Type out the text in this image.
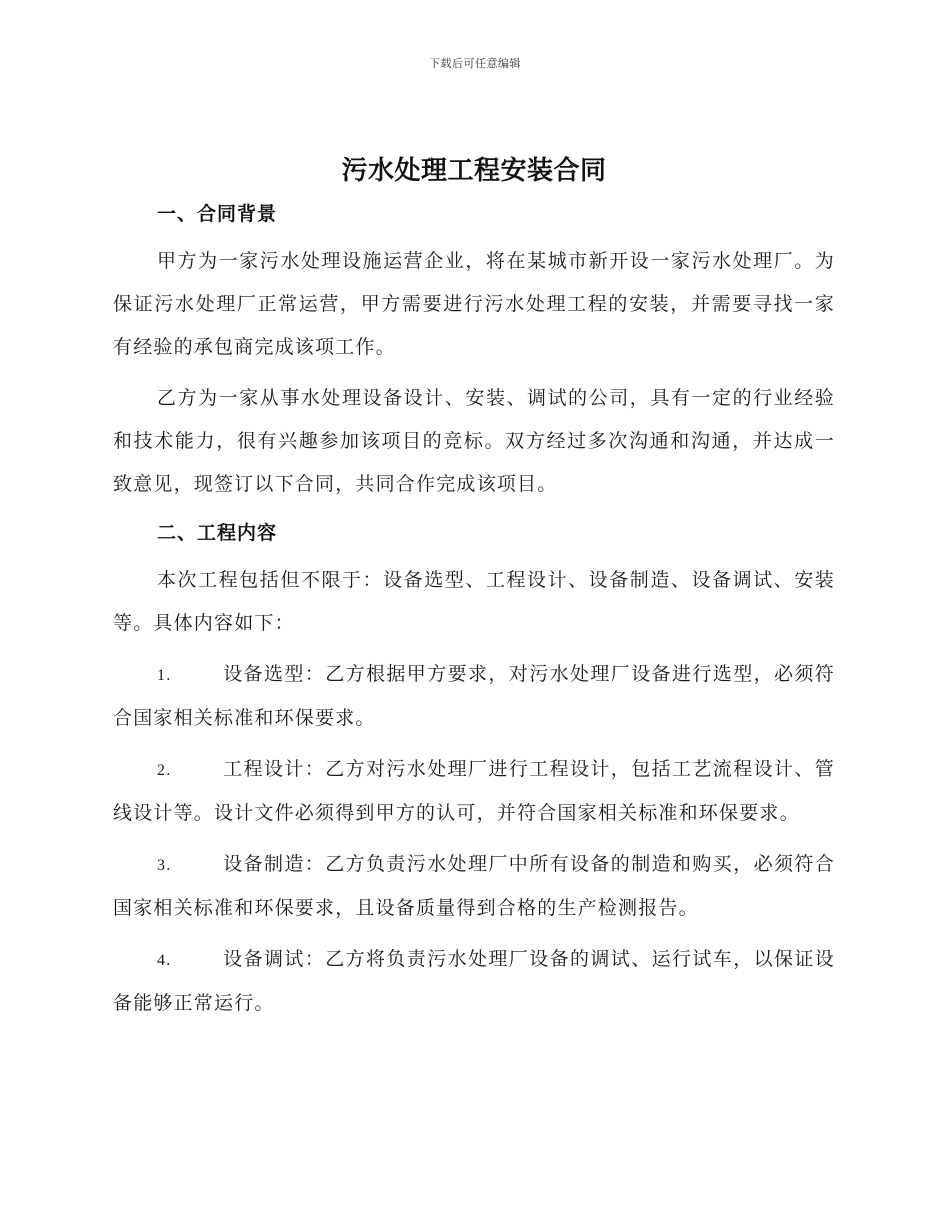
下载后可任意编辑
污水处理工程安装合同
一、合同背景

甲方为一家污水处理设施运营企业，将在某城市新开设一家污水处理厂。为保证污水处理厂正常运营，甲方需要进行污水处理工程的安装，并需要寻找一家有经验的承包商完成该项工作。

乙方为一家从事水处理设备设计、安装、调试的公司，具有一定的行业经验和技术能力，很有兴趣参加该项目的竞标。双方经过多次沟通和沟通，并达成一致意见，现签订以下合同，共同合作完成该项目。

二、工程内容

本次工程包括但不限于：设备选型、工程设计、设备制造、设备调试、安装等。具体内容如下：

1.	设备选型：乙方根据甲方要求，对污水处理厂设备进行选型，必须符合国家相关标准和环保要求。

2.	工程设计：乙方对污水处理厂进行工程设计，包括工艺流程设计、管线设计等。设计文件必须得到甲方的认可，并符合国家相关标准和环保要求。

3.	设备制造：乙方负责污水处理厂中所有设备的制造和购买，必须符合国家相关标准和环保要求，且设备质量得到合格的生产检测报告。

4.	设备调试：乙方将负责污水处理厂设备的调试、运行试车，以保证设备能够正常运行。
